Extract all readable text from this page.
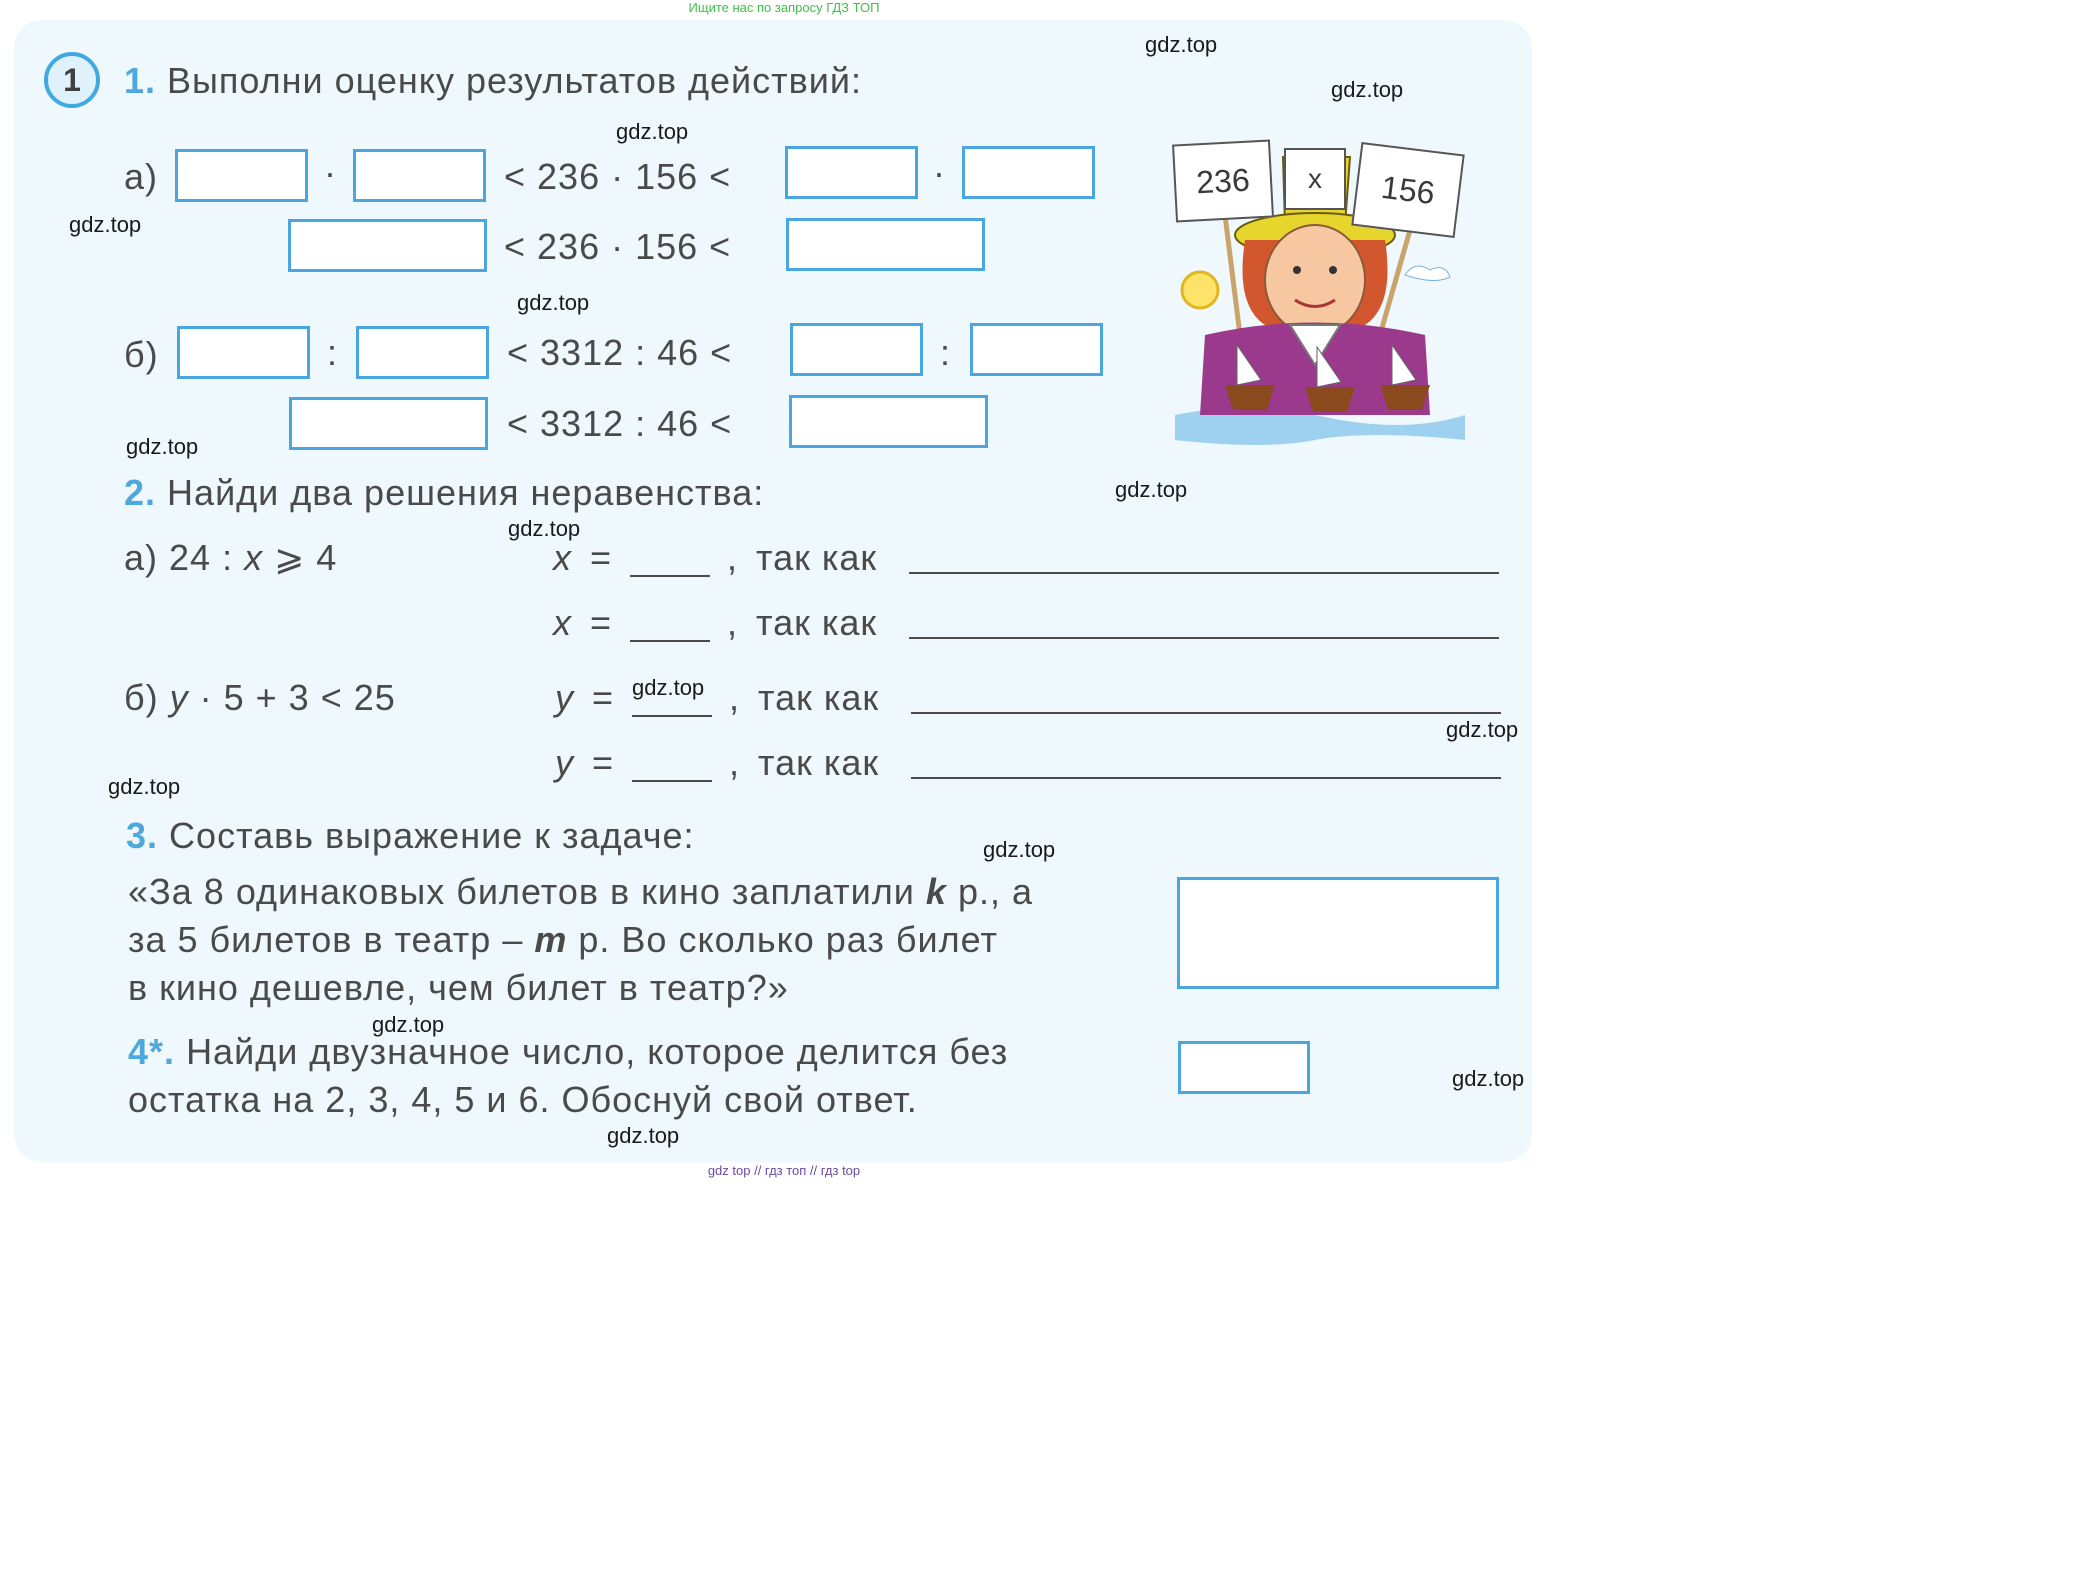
Ищите нас по запросу ГДЗ ТОП
1	1. Выполни оценку результатов действий:
а)	·	< 236 · 156 <	·
< 236 · 156 <
б)	:	< 3312 : 46 <	:
< 3312 : 46 <
236	x	156
2. Найди два решения неравенства:
а) 24 : x ⩾ 4	x =	, так как
x =	, так как
б) y · 5 + 3 < 25	y =	, так как
y =	, так как
3. Составь выражение к задаче:
«За 8 одинаковых билетов в кино заплатили k р., а
за 5 билетов в театр – m р. Во сколько раз билет
в кино дешевле, чем билет в театр?»
4*. Найди двузначное число, которое делится без
остатка на 2, 3, 4, 5 и 6. Обоснуй свой ответ.
gdz.top
gdz.top
gdz.top
gdz.top
gdz.top
gdz.top
gdz.top
gdz.top
gdz.top
gdz.top
gdz.top
gdz.top
gdz.top
gdz.top
gdz.top
gdz top // гдз топ // гдз top
